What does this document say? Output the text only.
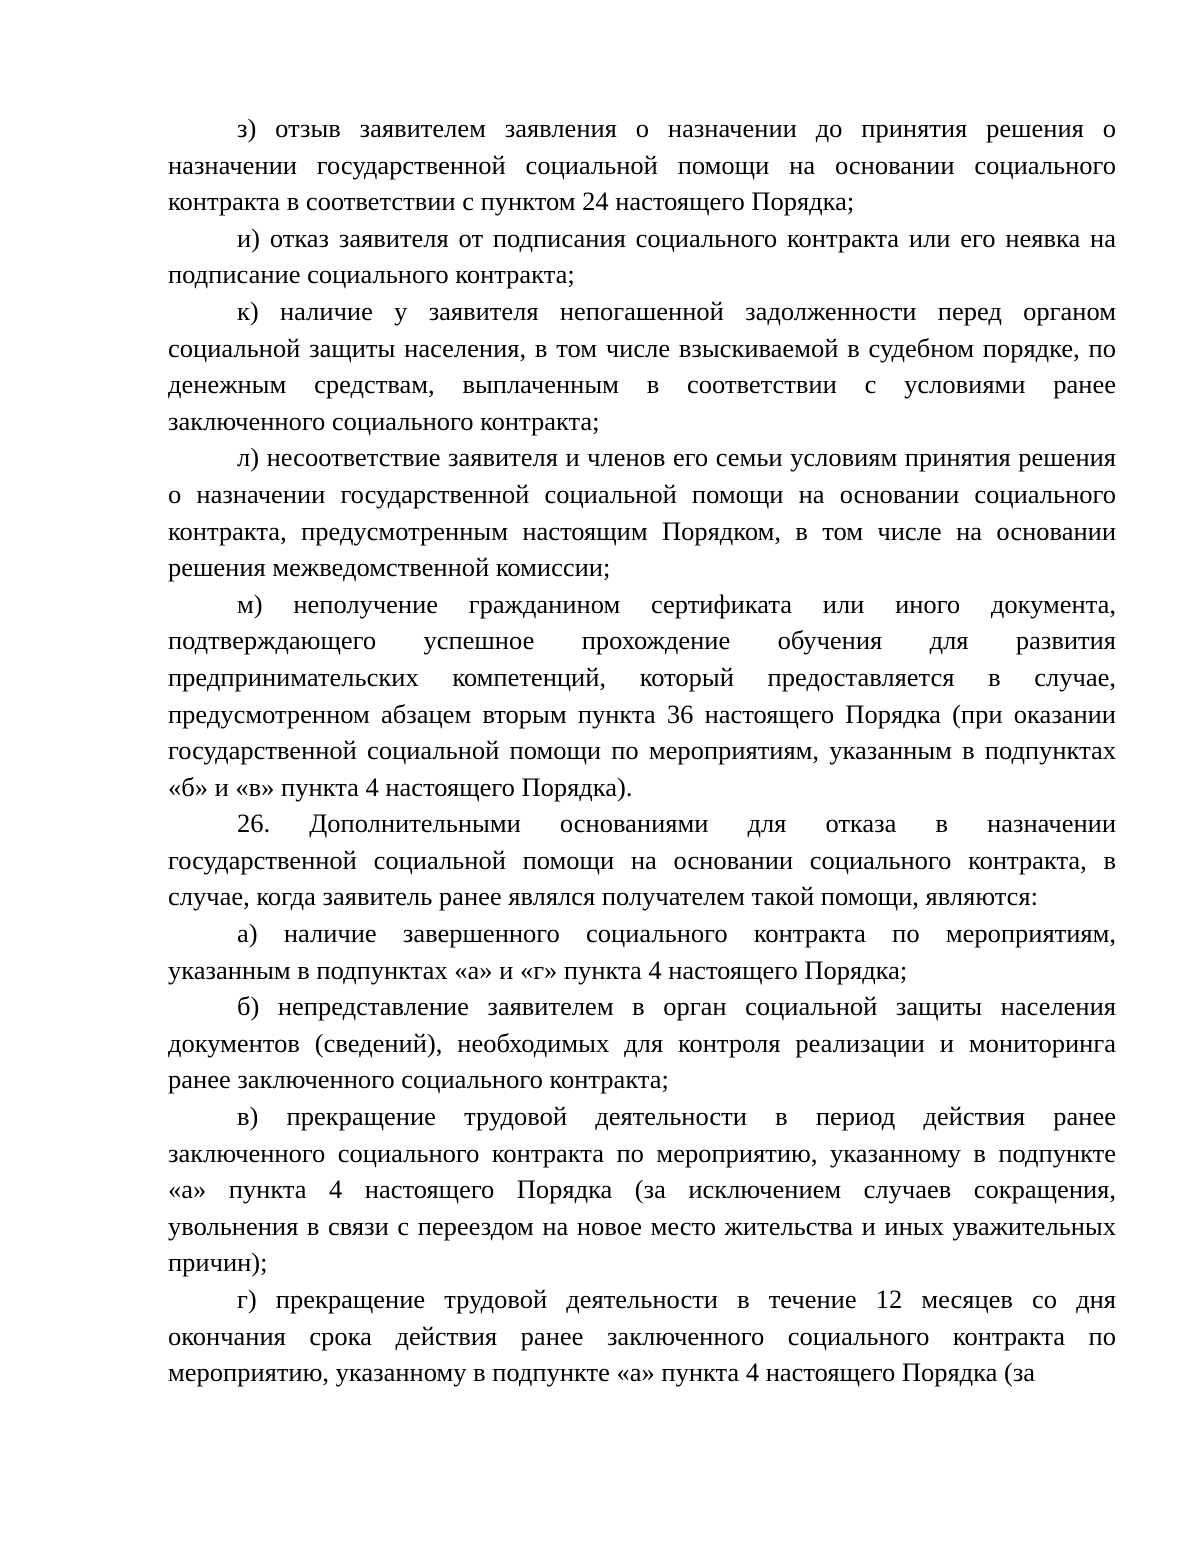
з) отзыв заявителем заявления о назначении до принятия решения о назначении государственной социальной помощи на основании социального контракта в соответствии с пунктом 24 настоящего Порядка;

и) отказ заявителя от подписания социального контракта или его неявка на подписание социального контракта;

к) наличие у заявителя непогашенной задолженности перед органом социальной защиты населения, в том числе взыскиваемой в судебном порядке, по денежным средствам, выплаченным в соответствии с условиями ранее заключенного социального контракта;

л) несоответствие заявителя и членов его семьи условиям принятия решения о назначении государственной социальной помощи на основании социального контракта, предусмотренным настоящим Порядком, в том числе на основании решения межведомственной комиссии;

м) неполучение гражданином сертификата или иного документа, подтверждающего успешное прохождение обучения для развития предпринимательских компетенций, который предоставляется в случае, предусмотренном абзацем вторым пункта 36 настоящего Порядка (при оказании государственной социальной помощи по мероприятиям, указанным в подпунктах «б» и «в» пункта 4 настоящего Порядка).

26. Дополнительными основаниями для отказа в назначении государственной социальной помощи на основании социального контракта, в случае, когда заявитель ранее являлся получателем такой помощи, являются:

а) наличие завершенного социального контракта по мероприятиям, указанным в подпунктах «а» и «г» пункта 4 настоящего Порядка;

б) непредставление заявителем в орган социальной защиты населения документов (сведений), необходимых для контроля реализации и мониторинга ранее заключенного социального контракта;

в) прекращение трудовой деятельности в период действия ранее заключенного социального контракта по мероприятию, указанному в подпункте «а» пункта 4 настоящего Порядка (за исключением случаев сокращения, увольнения в связи с переездом на новое место жительства и иных уважительных причин);

г) прекращение трудовой деятельности в течение 12 месяцев со дня окончания срока действия ранее заключенного социального контракта по мероприятию, указанному в подпункте «а» пункта 4 настоящего Порядка (за
